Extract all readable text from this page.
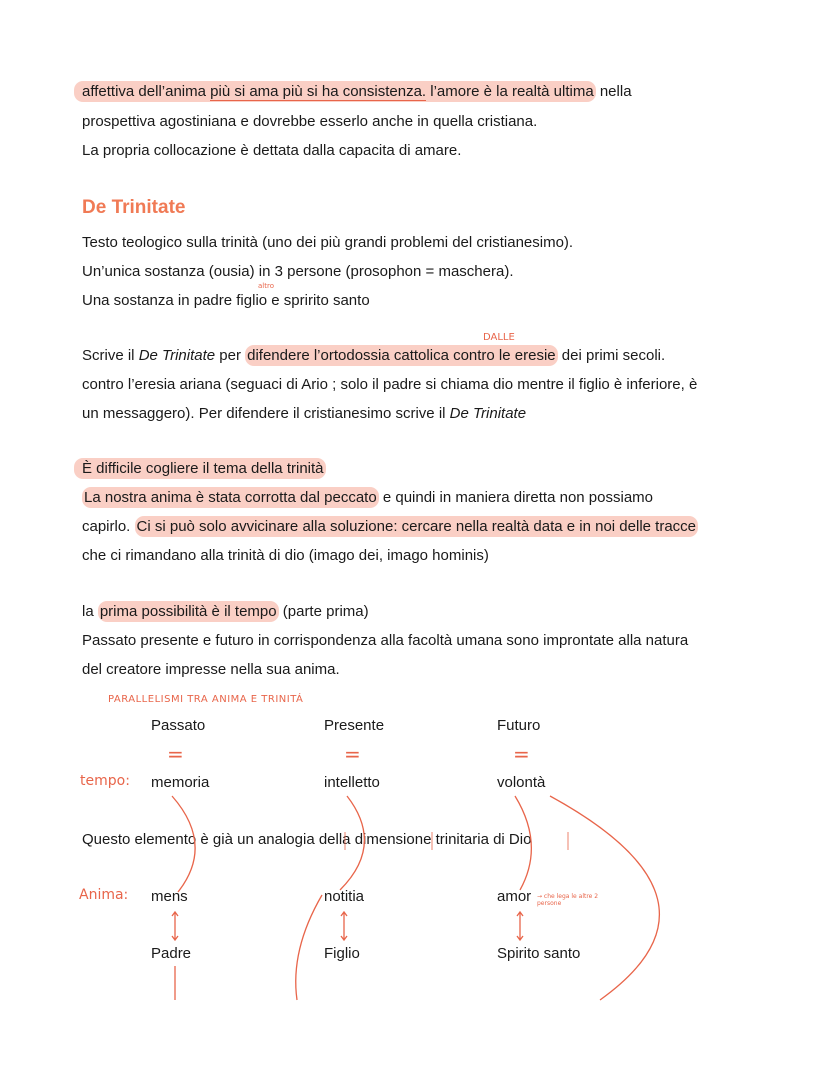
affettiva dell’anima più si ama più si ha consistenza. l’amore è la realtà ultima nella
prospettiva agostiniana e dovrebbe esserlo anche in quella cristiana.
La propria collocazione è dettata dalla capacita di amare.
De Trinitate
Testo teologico sulla trinità (uno dei più grandi problemi del cristianesimo).
Un’unica sostanza (ousia) in 3 persone (prosophon = maschera).
Una sostanza in padre figlio e spririto santo
altro
DALLE
Scrive il De Trinitate per difendere l’ortodossia cattolica contro le eresie dei primi secoli.
contro l’eresia ariana (seguaci di Ario ; solo il padre si chiama dio mentre il figlio è inferiore, è
un messaggero). Per difendere il cristianesimo scrive il De Trinitate
È difficile cogliere il tema della trinità
La nostra anima è stata corrotta dal peccato e quindi in maniera diretta non possiamo
capirlo. Ci si può solo avvicinare alla soluzione: cercare nella realtà data e in noi delle tracce
che ci rimandano alla trinità di dio (imago dei, imago hominis)
la prima possibilità è il tempo (parte prima)
Passato presente e futuro in corrispondenza alla facoltà umana sono improntate alla natura
del creatore impresse nella sua anima.
PARALLELISMI TRA ANIMA E TRINITÁ
Passato	Presente	Futuro
=	=	=
tempo: memoria	intelletto	volontà
Questo elemento è già un analogia della dimensione trinitaria di Dio
Anima: mens	notitia	amor → che lega le altre 2 persone
Padre	Figlio	Spirito santo
